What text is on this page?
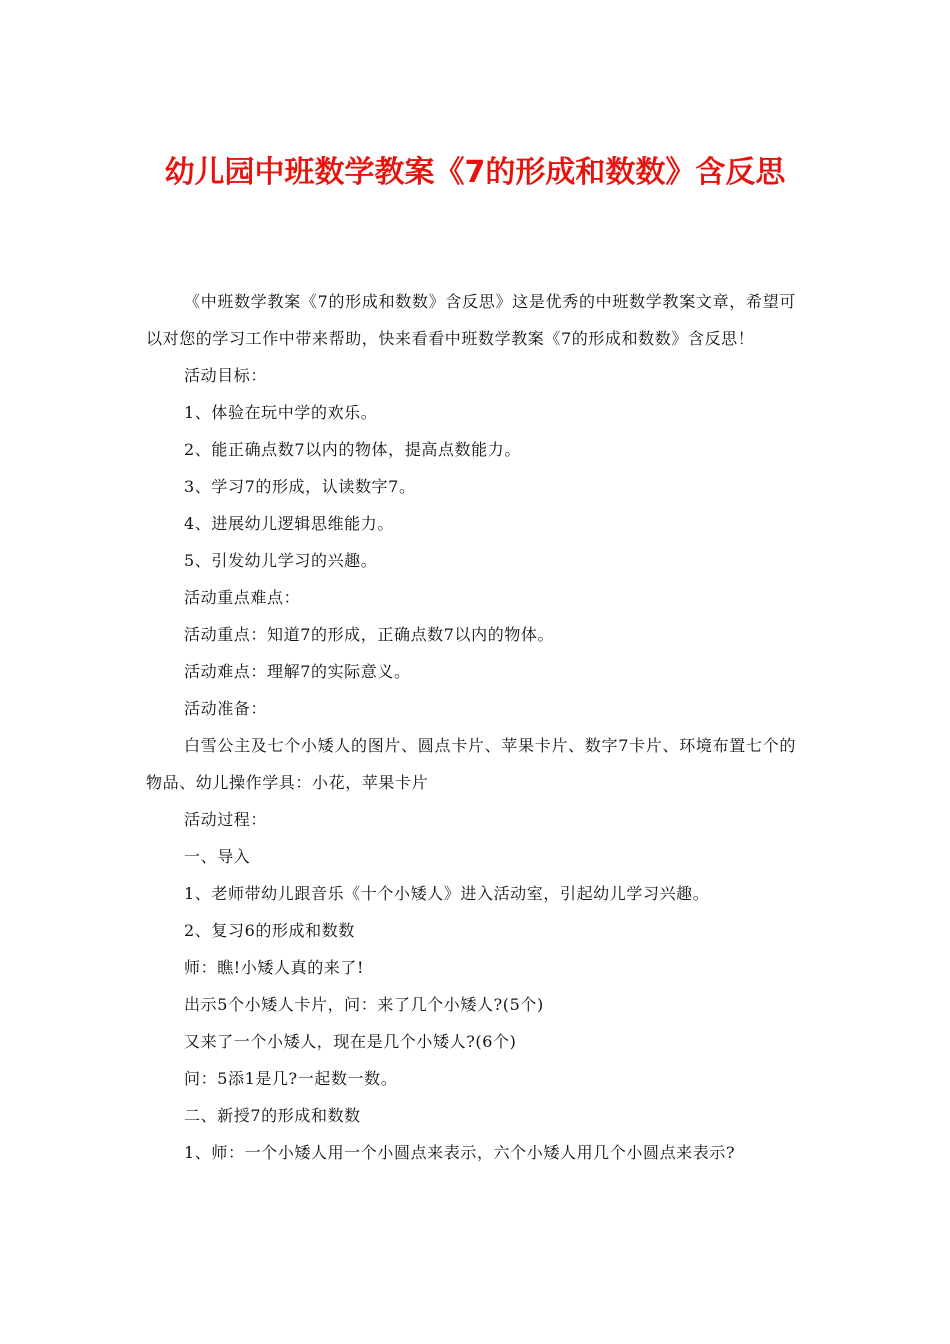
幼儿园中班数学教案《7的形成和数数》含反思

《中班数学教案《7的形成和数数》含反思》这是优秀的中班数学教案文章，希望可以对您的学习工作中带来帮助，快来看看中班数学教案《7的形成和数数》含反思！

活动目标：

1、体验在玩中学的欢乐。

2、能正确点数7以内的物体，提高点数能力。

3、学习7的形成，认读数字7。

4、进展幼儿逻辑思维能力。

5、引发幼儿学习的兴趣。

活动重点难点：

活动重点：知道7的形成，正确点数7以内的物体。

活动难点：理解7的实际意义。

活动准备：

白雪公主及七个小矮人的图片、圆点卡片、苹果卡片、数字7卡片、环境布置七个的物品、幼儿操作学具：小花，苹果卡片

活动过程：

一、导入

1、老师带幼儿跟音乐《十个小矮人》进入活动室，引起幼儿学习兴趣。

2、复习6的形成和数数

师：瞧!小矮人真的来了!

出示5个小矮人卡片，问：来了几个小矮人?(5个)

又来了一个小矮人，现在是几个小矮人?(6个)

问：5添1是几?一起数一数。

二、新授7的形成和数数

1、师：一个小矮人用一个小圆点来表示，六个小矮人用几个小圆点来表示?
